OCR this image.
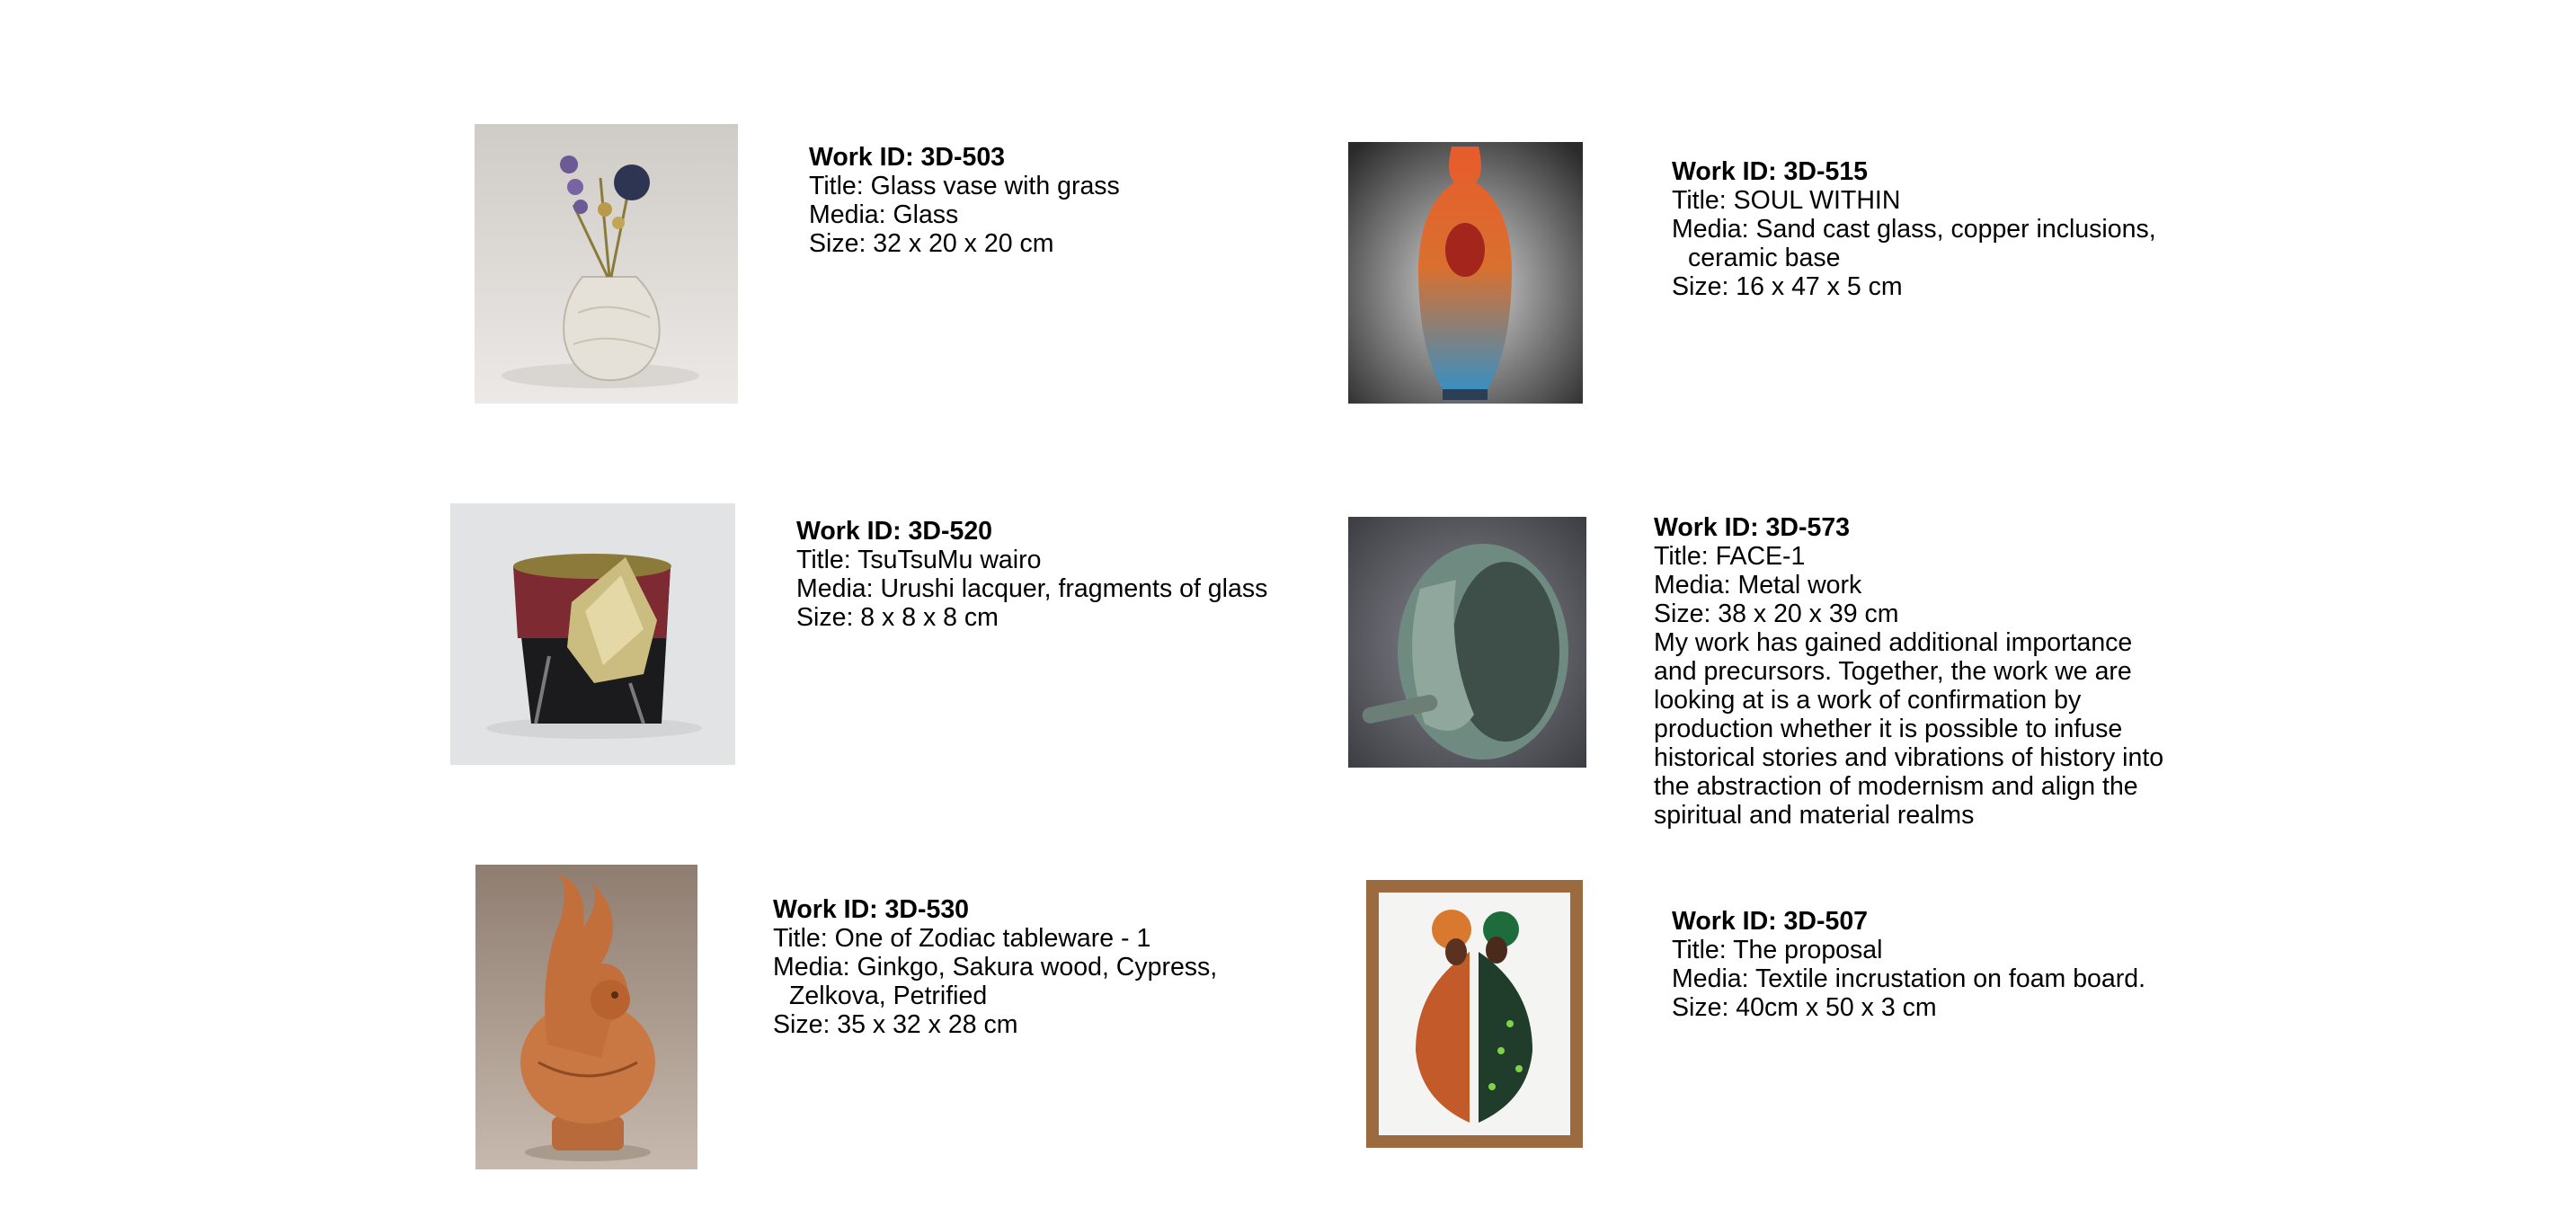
Work ID: 3D-503
Title: Glass vase with grass
Media: Glass
Size: 32 x 20 x 20 cm
Work ID: 3D-515
Title: SOUL WITHIN
Media: Sand cast glass, copper inclusions,
ceramic base
Size: 16 x 47 x 5 cm
Work ID: 3D-520
Title: TsuTsuMu wairo
Media: Urushi lacquer, fragments of glass
Size: 8 x 8 x 8 cm
Work ID: 3D-573
Title: FACE-1
Media: Metal work
Size: 38 x 20 x 39 cm
My work has gained additional importance and precursors. Together, the work we are looking at is a work of confirmation by production whether it is possible to infuse historical stories and vibrations of history into the abstraction of modernism and align the spiritual and material realms
Work ID: 3D-530
Title: One of Zodiac tableware - 1
Media: Ginkgo, Sakura wood, Cypress,
Zelkova, Petrified
Size: 35 x 32 x 28 cm
Work ID: 3D-507
Title: The proposal
Media: Textile incrustation on foam board.
Size: 40cm x 50 x 3 cm
